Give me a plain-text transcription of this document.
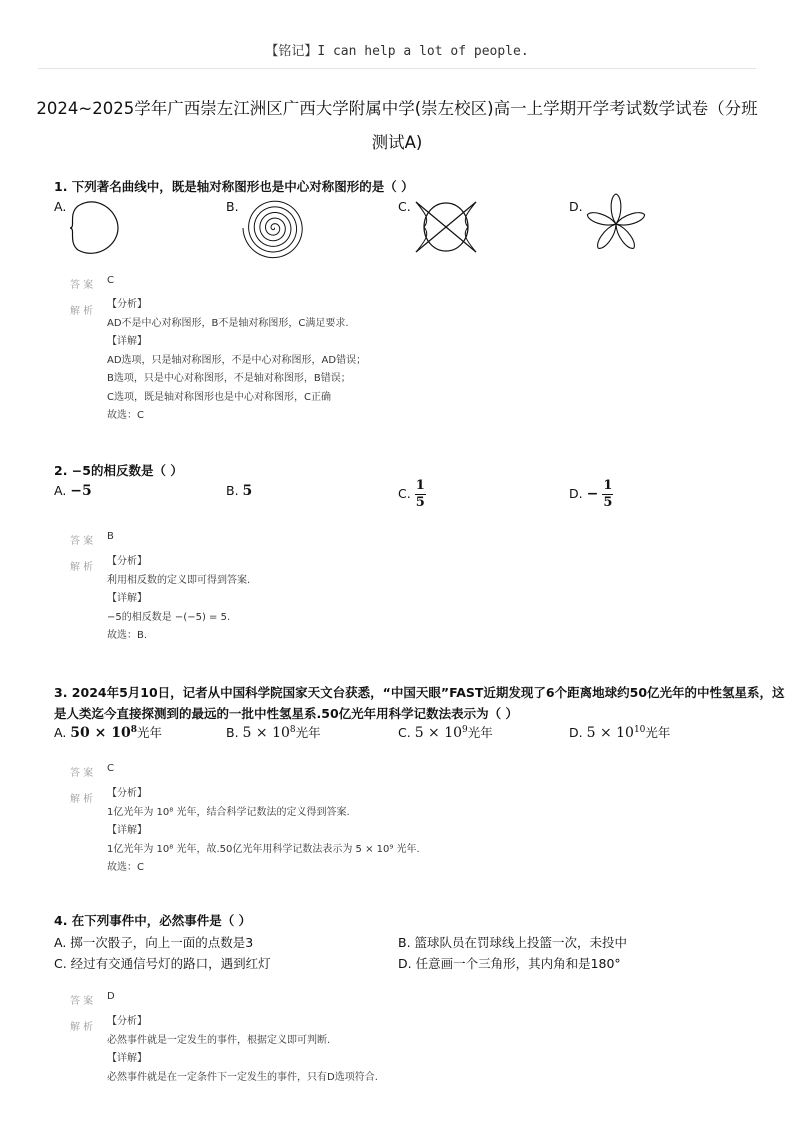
【铭记】I can help a lot of people.
2024~2025学年广西崇左江洲区广西大学附属中学(崇左校区)高一上学期开学考试数学试卷（分班
测试A)
1. 下列著名曲线中，既是轴对称图形也是中心对称图形的是（ ）
A.	B.	C.	D.
答 案 C
解 析
【分析】
AD不是中心对称图形，B不是轴对称图形，C满足要求.
【详解】
AD选项，只是轴对称图形，不是中心对称图形，AD错误；
B选项，只是中心对称图形，不是轴对称图形，B错误；
C选项，既是轴对称图形也是中心对称图形，C正确
故选：C
2. −5的相反数是（ ）
A. −5	B. 5	C. $\frac{1}{5}$	D. − $\frac{1}{5}$
答 案 B
解 析
【分析】
利用相反数的定义即可得到答案.
【详解】
−5的相反数是 −(−5) = 5.
故选：B.
3. 2024年5月10日，记者从中国科学院国家天文台获悉，“中国天眼”FAST近期发现了6个距离地球约50亿光年的中性氢星系，这
是人类迄今直接探测到的最远的一批中性氢星系.50亿光年用科学记数法表示为（ ）
A. $50 \times 10^8$光年	B. $5 \times 10^8$光年	C. $5 \times 10^9$光年	D. $5 \times 10^{10}$光年
答 案 C
解 析
【分析】
1亿光年为 10⁸ 光年，结合科学记数法的定义得到答案.
【详解】
1亿光年为 10⁸ 光年，故.50亿光年用科学记数法表示为 5 × 10⁹ 光年.
故选：C
4. 在下列事件中，必然事件是（ ）
A. 掷一次骰子，向上一面的点数是3	B. 篮球队员在罚球线上投篮一次，未投中
C. 经过有交通信号灯的路口，遇到红灯	D. 任意画一个三角形，其内角和是180°
答 案 D
解 析
【分析】
必然事件就是一定发生的事件，根据定义即可判断.
【详解】
必然事件就是在一定条件下一定发生的事件，只有D选项符合.
